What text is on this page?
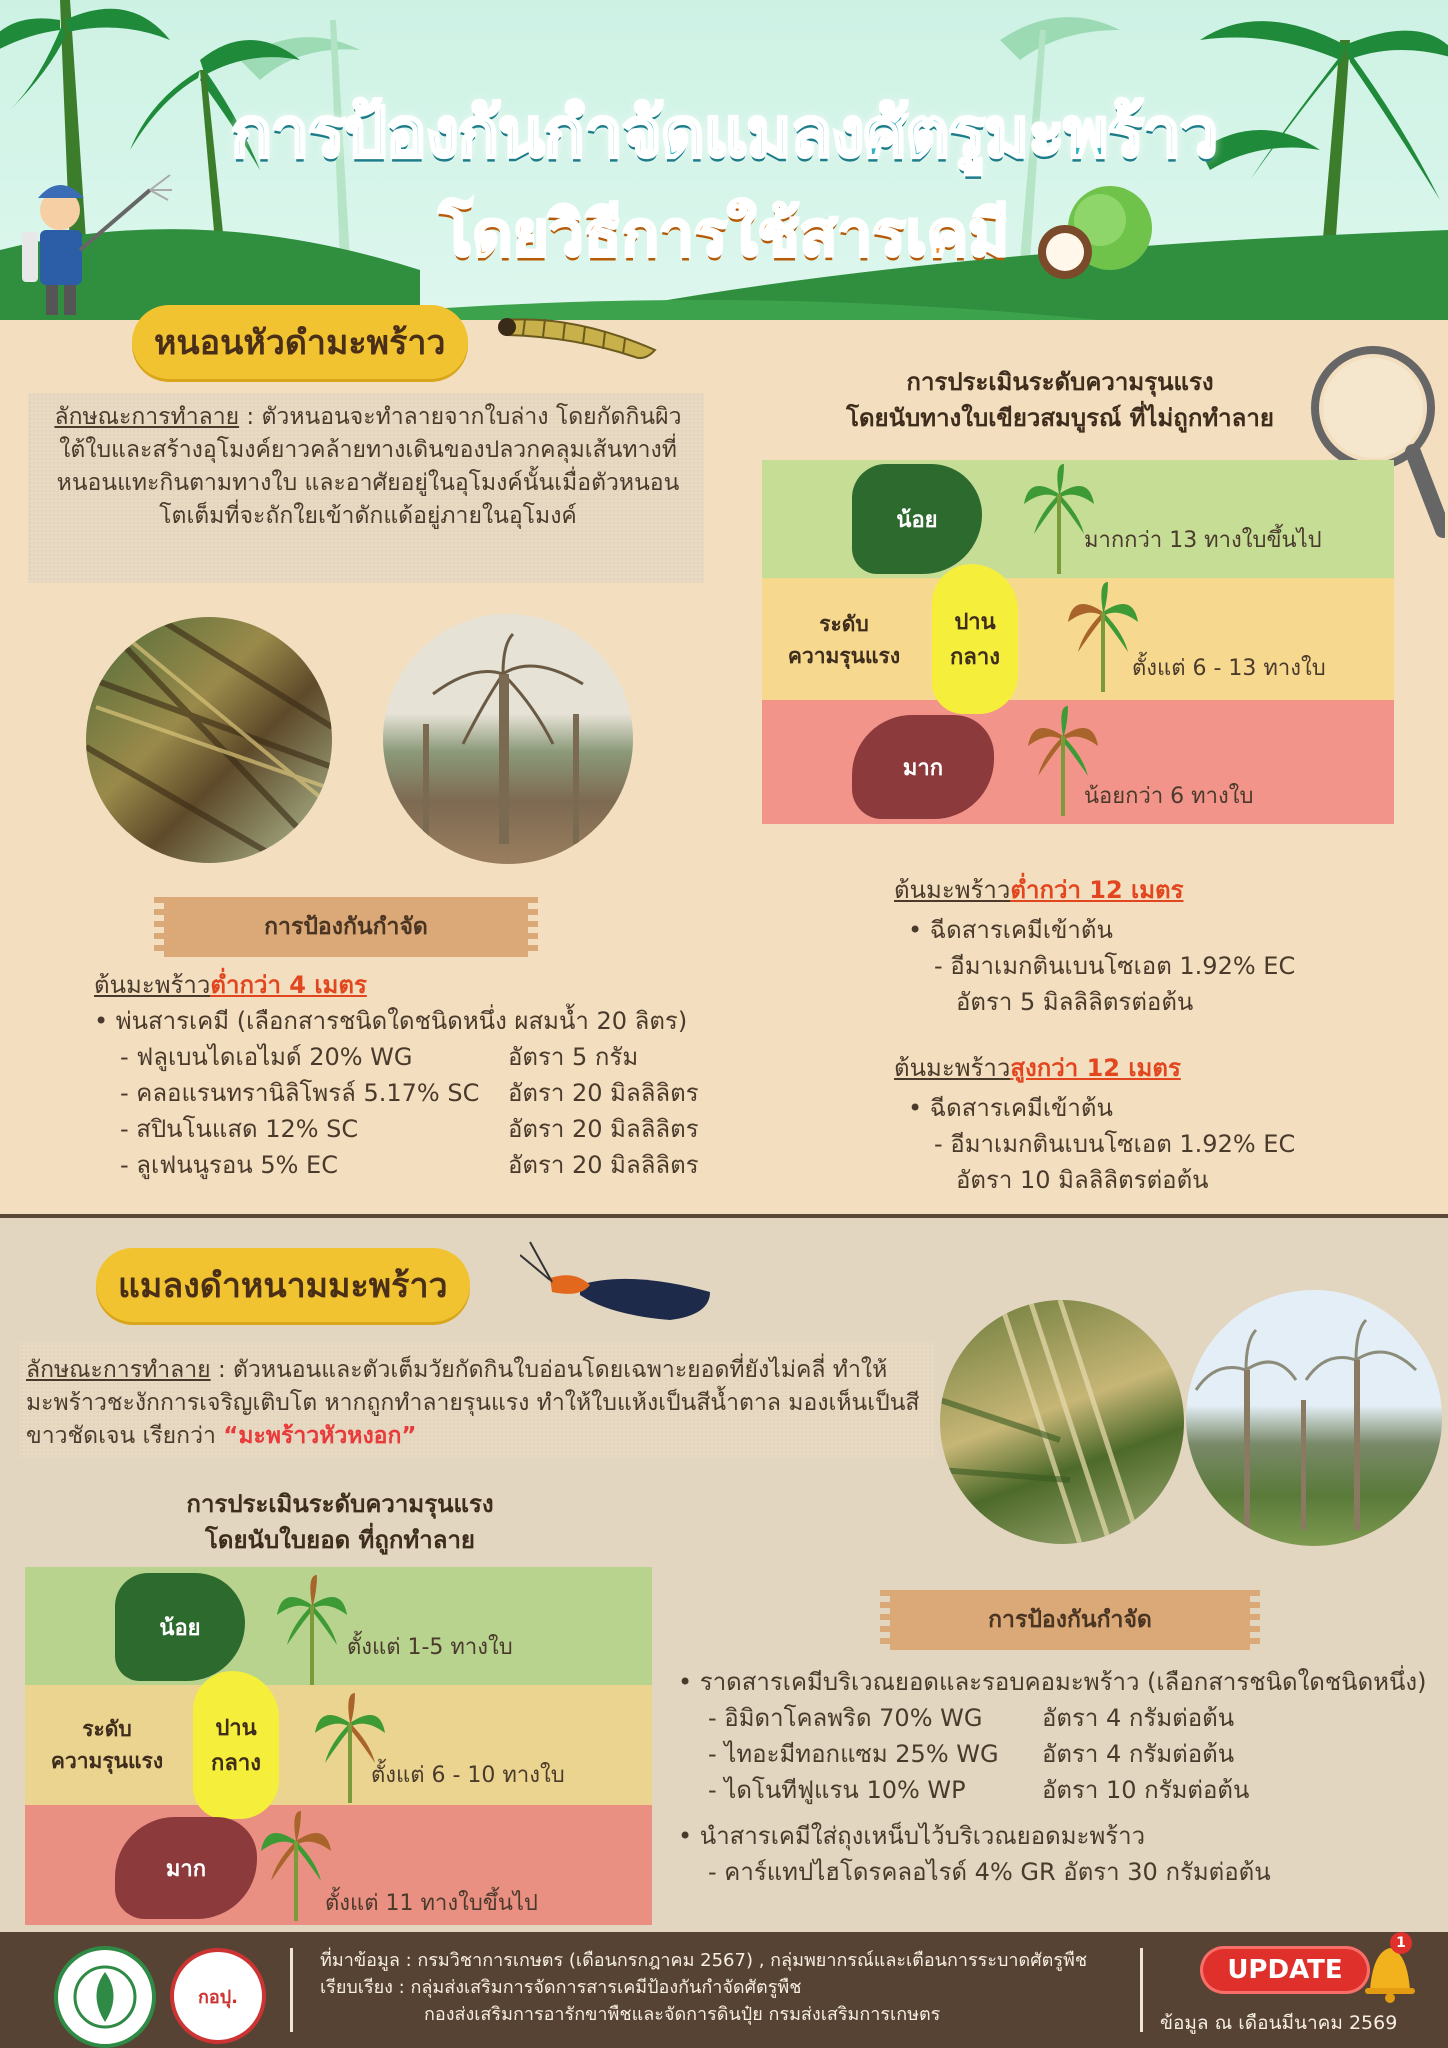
การป้องกันกำจัดแมลงศัตรูมะพร้าว
โดยวิธีการใช้สารเคมี
หนอนหัวดำมะพร้าว
ลักษณะการทำลาย : ตัวหนอนจะทำลายจากใบล่าง โดยกัดกินผิวใต้ใบและสร้างอุโมงค์ยาวคล้ายทางเดินของปลวกคลุมเส้นทางที่หนอนแทะกินตามทางใบ และอาศัยอยู่ในอุโมงค์นั้นเมื่อตัวหนอนโตเต็มที่จะถักใยเข้าดักแด้อยู่ภายในอุโมงค์
การประเมินระดับความรุนแรง
โดยนับทางใบเขียวสมบูรณ์ ที่ไม่ถูกทำลาย
น้อย
ปาน
กลาง
มาก
ระดับ
ความรุนแรง
มากกว่า 13 ทางใบขึ้นไป
ตั้งแต่ 6 - 13 ทางใบ
น้อยกว่า 6 ทางใบ
การป้องกันกำจัด
ต้นมะพร้าวต่ำกว่า 4 เมตร
• พ่นสารเคมี (เลือกสารชนิดใดชนิดหนึ่ง ผสมน้ำ 20 ลิตร)
- ฟลูเบนไดเอไมด์ 20% WG	อัตรา 5 กรัม
- คลอแรนทรานิลิโพรล์ 5.17% SC	อัตรา 20 มิลลิลิตร
- สปินโนแสด 12% SC	อัตรา 20 มิลลิลิตร
- ลูเฟนนูรอน 5% EC	อัตรา 20 มิลลิลิตร
ต้นมะพร้าวต่ำกว่า 12 เมตร
• ฉีดสารเคมีเข้าต้น
- อีมาเมกตินเบนโซเอต 1.92% EC
อัตรา 5 มิลลิลิตรต่อต้น
ต้นมะพร้าวสูงกว่า 12 เมตร
• ฉีดสารเคมีเข้าต้น
- อีมาเมกตินเบนโซเอต 1.92% EC
อัตรา 10 มิลลิลิตรต่อต้น
แมลงดำหนามมะพร้าว
ลักษณะการทำลาย : ตัวหนอนและตัวเต็มวัยกัดกินใบอ่อนโดยเฉพาะยอดที่ยังไม่คลี่ ทำให้มะพร้าวชะงักการเจริญเติบโต หากถูกทำลายรุนแรง ทำให้ใบแห้งเป็นสีน้ำตาล มองเห็นเป็นสีขาวชัดเจน เรียกว่า “มะพร้าวหัวหงอก”
การประเมินระดับความรุนแรง
โดยนับใบยอด ที่ถูกทำลาย
น้อย
ปาน
กลาง
มาก
ระดับ
ความรุนแรง
ตั้งแต่ 1-5 ทางใบ
ตั้งแต่ 6 - 10 ทางใบ
ตั้งแต่ 11 ทางใบขึ้นไป
การป้องกันกำจัด
• ราดสารเคมีบริเวณยอดและรอบคอมะพร้าว (เลือกสารชนิดใดชนิดหนึ่ง)
- อิมิดาโคลพริด 70% WG	อัตรา 4 กรัมต่อต้น
- ไทอะมีทอกแซม 25% WG	อัตรา 4 กรัมต่อต้น
- ไดโนทีฟูแรน 10% WP	อัตรา 10 กรัมต่อต้น
• นำสารเคมีใส่ถุงเหน็บไว้บริเวณยอดมะพร้าว
- คาร์แทปไฮโดรคลอไรด์ 4% GR อัตรา 30 กรัมต่อต้น
กอปุ.
ที่มาข้อมูล : กรมวิชาการเกษตร (เดือนกรกฎาคม 2567) , กลุ่มพยากรณ์และเตือนการระบาดศัตรูพืช
เรียบเรียง : กลุ่มส่งเสริมการจัดการสารเคมีป้องกันกำจัดศัตรูพืช
กองส่งเสริมการอารักขาพืชและจัดการดินปุ๋ย กรมส่งเสริมการเกษตร
UPDATE
1
ข้อมูล ณ เดือนมีนาคม 2569
